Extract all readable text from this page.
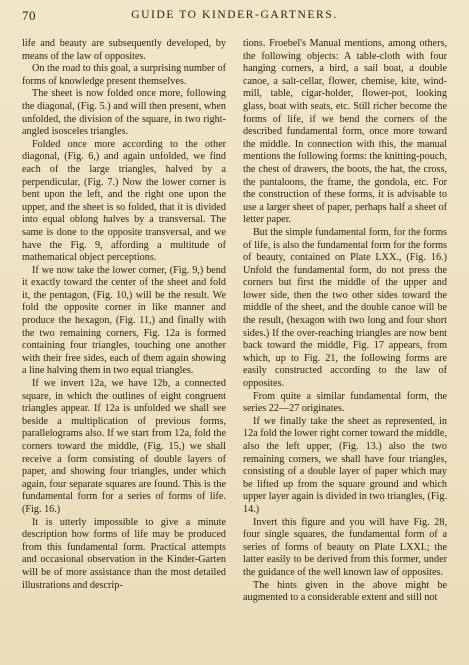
70	GUIDE TO KINDER-GARTNERS.

life and beauty are subsequently developed, by means of the law of opposites.

On the road to this goal, a surprising number of forms of knowledge present themselves.

The sheet is now folded once more, following the diagonal, (Fig. 5.) and will then present, when unfolded, the division of the square, in two right-angled isosceles triangles.

Folded once more according to the other diagonal, (Fig. 6,) and again unfolded, we find each of the large triangles, halved by a perpendicular, (Fig. 7.) Now the lower corner is bent upon the left, and the right one upon the upper, and the sheet is so folded, that it is divided into equal oblong halves by a transversal. The same is done to the opposite transversal, and we have the Fig. 9, affording a multitude of mathematical object perceptions.

If we now take the lower corner, (Fig. 9,) bend it exactly toward the center of the sheet and fold it, the pentagon, (Fig. 10,) will be the result. We fold the opposite corner in like manner and produce the hexagon, (Fig. 11,) and finally with the two remaining corners, Fig. 12a is formed containing four triangles, touching one another with their free sides, each of them again showing a line halving them in two equal triangles.

If we invert 12a, we have 12b, a connected square, in which the outlines of eight congruent triangles appear. If 12a is unfolded we shall see beside a multiplication of previous forms, parallelograms also. If we start from 12a, fold the corners toward the middle, (Fig. 15,) we shall receive a form consisting of double layers of paper, and showing four triangles, under which again, four separate squares are found. This is the fundamental form for a series of forms of life. (Fig. 16.)

It is utterly impossible to give a minute description how forms of life may be produced from this fundamental form. Practical attempts and occasional observation in the Kinder-Garten will be of more assistance than the most detailed illustrations and descrip-

tions. Froebel's Manual mentions, among others, the following objects: A table-cloth with four hanging corners, a bird, a sail boat, a double canoe, a salt-cellar, flower, chemise, kite, wind-mill, table, cigar-holder, flower-pot, looking glass, boat with seats, etc. Still richer become the forms of life, if we bend the corners of the described fundamental form, once more toward the middle. In connection with this, the manual mentions the following forms: the knitting-pouch, the chest of drawers, the boots, the hat, the cross, the pantaloons, the frame, the gondola, etc. For the construction of these forms, it is advisable to use a larger sheet of paper, perhaps half a sheet of letter paper.

But the simple fundamental form, for the forms of life, is also the fundamental form for the forms of beauty, contained on Plate LXX., (Fig. 16.) Unfold the fundamental form, do not press the corners but first the middle of the upper and lower side, then the two other sides toward the middle of the sheet, and the double canoe will be the result, (hexagon with two long and four short sides.) If the over-reaching triangles are now bent back toward the middle, Fig. 17 appears, from which, up to Fig. 21, the following forms are easily constructed according to the law of opposites.

From quite a similar fundamental form, the series 22—27 originates.

If we finally take the sheet as represented, in 12a fold the lower right corner toward the middle, also the left upper, (Fig. 13.) also the two remaining corners, we shall have four triangles, consisting of a double layer of paper which may be lifted up from the square ground and which upper layer again is divided in two triangles, (Fig. 14.)

Invert this figure and you will have Fig. 28, four single squares, the fundamental form of a series of forms of beauty on Plate LXXI.; the latter easily to be derived from this former, under the guidance of the well known law of opposites.

The hints given in the above might be augmented to a considerable extent and still not
